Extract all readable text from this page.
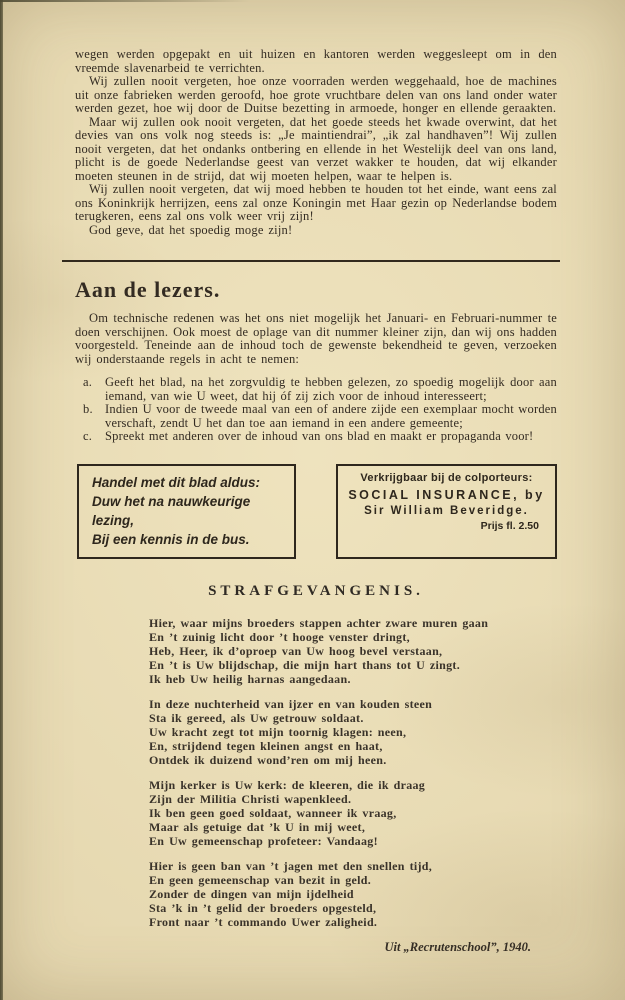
wegen werden opgepakt en uit huizen en kantoren werden weggesleept om in den vreemde slavenarbeid te verrichten.

Wij zullen nooit vergeten, hoe onze voorraden werden weggehaald, hoe de machines uit onze fabrieken werden geroofd, hoe grote vruchtbare delen van ons land onder water werden gezet, hoe wij door de Duitse bezetting in armoede, honger en ellende geraakten.

Maar wij zullen ook nooit vergeten, dat het goede steeds het kwade overwint, dat het devies van ons volk nog steeds is: „Je maintiendrai”, „ik zal handhaven”! Wij zullen nooit vergeten, dat het ondanks ontbering en ellende in het Westelijk deel van ons land, plicht is de goede Nederlandse geest van verzet wakker te houden, dat wij elkander moeten steunen in de strijd, dat wij moeten helpen, waar te helpen is.

Wij zullen nooit vergeten, dat wij moed hebben te houden tot het einde, want eens zal ons Koninkrijk herrijzen, eens zal onze Koningin met Haar gezin op Nederlandse bodem terugkeren, eens zal ons volk weer vrij zijn!

God geve, dat het spoedig moge zijn!

Aan de lezers.

Om technische redenen was het ons niet mogelijk het Januari- en Februari-nummer te doen verschijnen. Ook moest de oplage van dit nummer kleiner zijn, dan wij ons hadden voorgesteld. Teneinde aan de inhoud toch de gewenste bekendheid te geven, verzoeken wij onderstaande regels in acht te nemen:

a. Geeft het blad, na het zorgvuldig te hebben gelezen, zo spoedig mogelijk door aan iemand, van wie U weet, dat hij óf zij zich voor de inhoud interesseert;
b. Indien U voor de tweede maal van een of andere zijde een exemplaar mocht worden verschaft, zendt U het dan toe aan iemand in een andere gemeente;
c. Spreekt met anderen over de inhoud van ons blad en maakt er propaganda voor!
Handel met dit blad aldus:
Duw het na nauwkeurige lezing,
Bij een kennis in de bus.
Verkrijgbaar bij de colporteurs:
SOCIAL INSURANCE, by
Sir William Beveridge.
Prijs fl. 2.50
STRAFGEVANGENIS.
Hier, waar mijns broeders stappen achter zware muren gaan
En ’t zuinig licht door ’t hooge venster dringt,
Heb, Heer, ik d’oproep van Uw hoog bevel verstaan,
En ’t is Uw blijdschap, die mijn hart thans tot U zingt.
Ik heb Uw heilig harnas aangedaan.
In deze nuchterheid van ijzer en van kouden steen
Sta ik gereed, als Uw getrouw soldaat.
Uw kracht zegt tot mijn toornig klagen: neen,
En, strijdend tegen kleinen angst en haat,
Ontdek ik duizend wond’ren om mij heen.
Mijn kerker is Uw kerk: de kleeren, die ik draag
Zijn der Militia Christi wapenkleed.
Ik ben geen goed soldaat, wanneer ik vraag,
Maar als getuige dat ’k U in mij weet,
En Uw gemeenschap profeteer: Vandaag!
Hier is geen ban van ’t jagen met den snellen tijd,
En geen gemeenschap van bezit in geld.
Zonder de dingen van mijn ijdelheid
Sta ’k in ’t gelid der broeders opgesteld,
Front naar ’t commando Uwer zaligheid.

Uit „Recrutenschool”, 1940.
